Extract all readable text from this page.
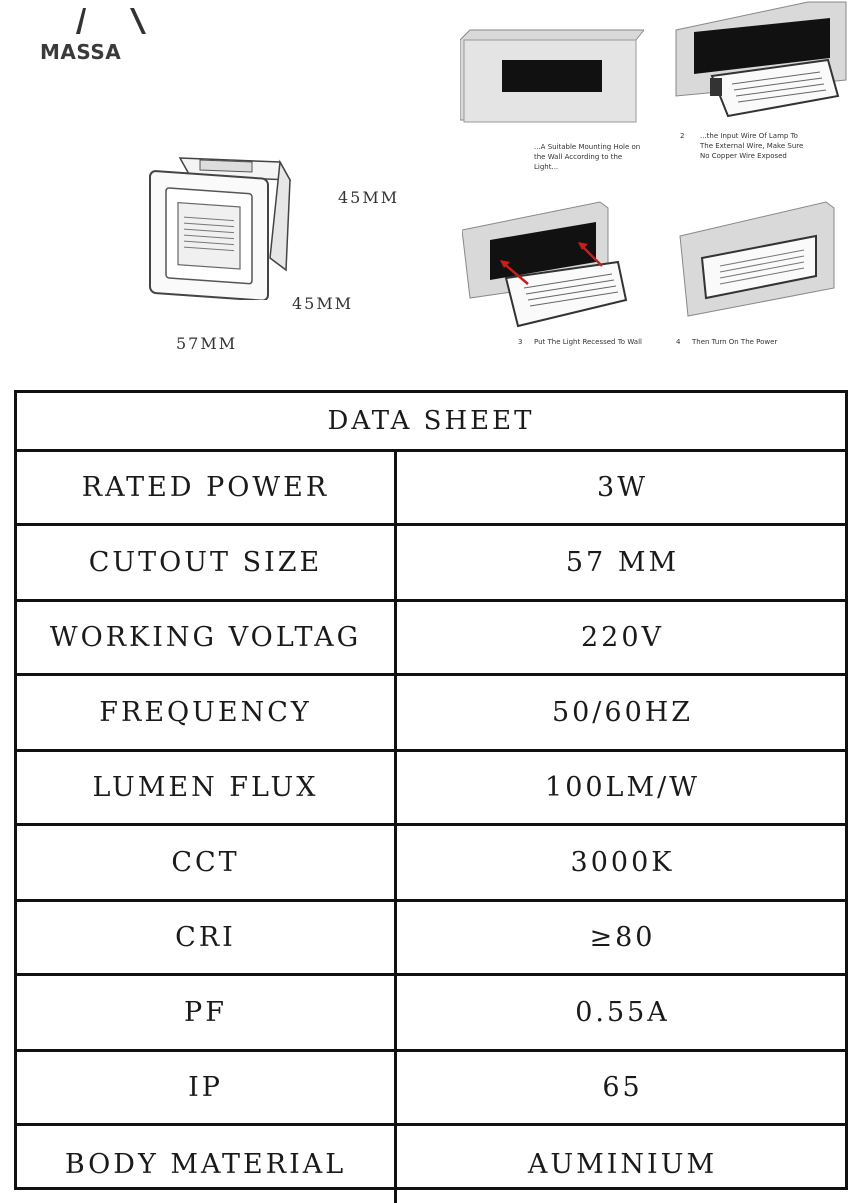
MASSA
45MM
45MM
57MM
...A Suitable Mounting Hole on the Wall According to the Light...
2	...the Input Wire Of Lamp To The External Wire, Make Sure No Copper Wire Exposed
3	Put The Light Recessed To Wall	4	Then Turn On The Power
DATA SHEET
RATED POWER	3W
CUTOUT SIZE	57 MM
WORKING VOLTAG	220V
FREQUENCY	50/60HZ
LUMEN FLUX	100LM/W
CCT	3000K
CRI	≥80
PF	0.55A
IP	65
BODY MATERIAL	AUMINIUM
